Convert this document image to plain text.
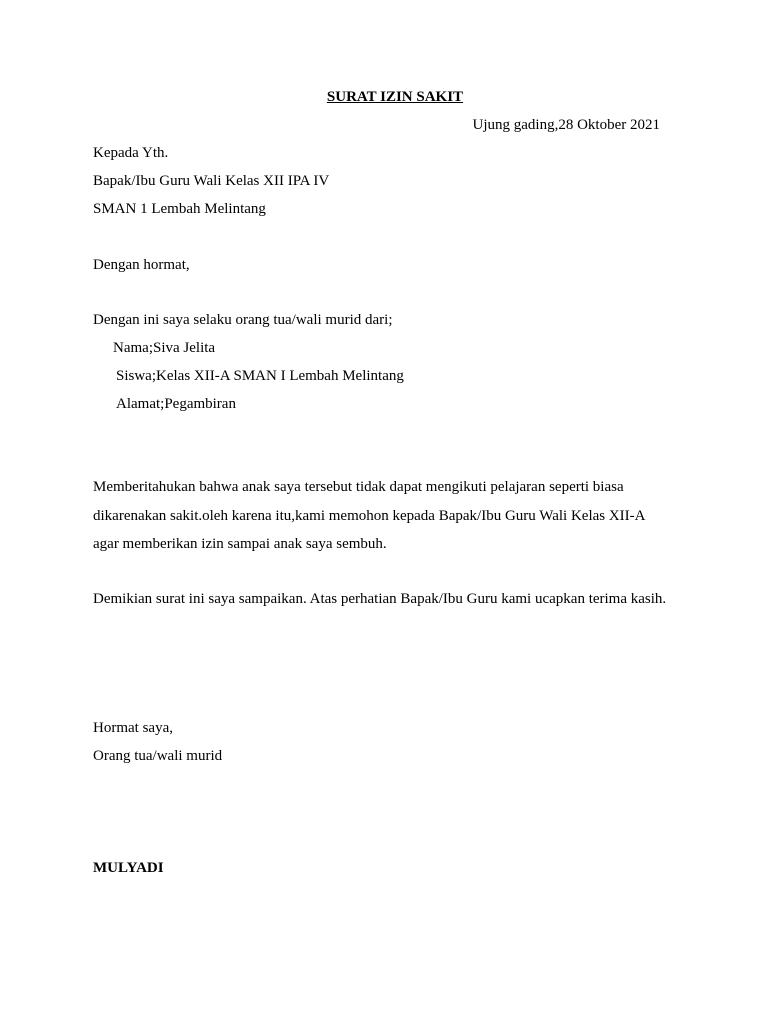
SURAT IZIN SAKIT

Ujung gading,28 Oktober 2021

Kepada Yth.

Bapak/Ibu Guru Wali Kelas XII IPA IV

SMAN 1 Lembah Melintang

Dengan hormat,

Dengan ini saya selaku orang tua/wali murid dari;

Nama;Siva Jelita

Siswa;Kelas XII-A SMAN I Lembah Melintang

Alamat;Pegambiran

Memberitahukan bahwa anak saya tersebut tidak dapat mengikuti pelajaran seperti biasa

dikarenakan sakit.oleh karena itu,kami memohon kepada Bapak/Ibu Guru Wali Kelas XII-A

agar memberikan izin sampai anak saya sembuh.

Demikian surat ini saya sampaikan. Atas perhatian Bapak/Ibu Guru kami ucapkan terima kasih.

Hormat saya,

Orang tua/wali murid

MULYADI
